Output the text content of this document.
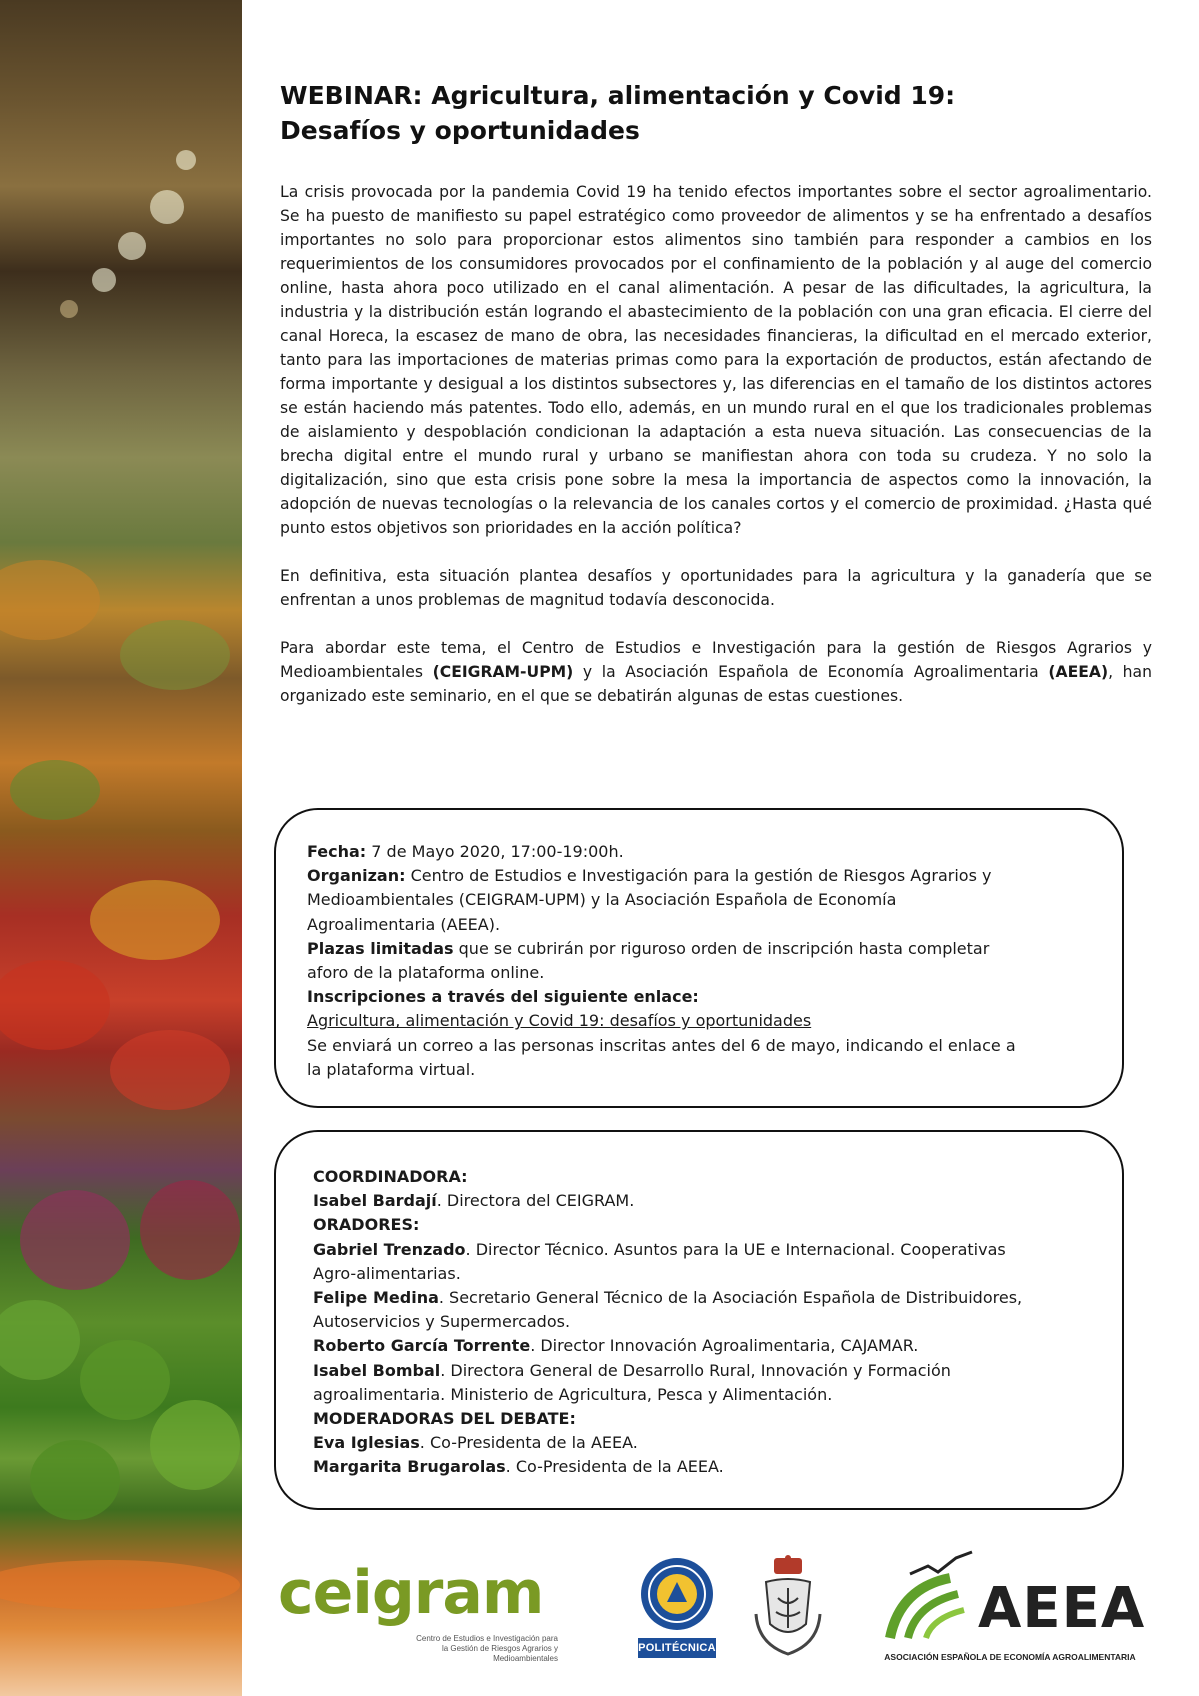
WEBINAR: Agricultura, alimentación y Covid 19:
Desafíos y oportunidades

La crisis provocada por la pandemia Covid 19 ha tenido efectos importantes sobre el sector agroalimentario. Se ha puesto de manifiesto su papel estratégico como proveedor de alimentos y se ha enfrentado a desafíos importantes no solo para proporcionar estos alimentos sino también para responder a cambios en los requerimientos de los consumidores provocados por el confinamiento de la población y al auge del comercio online, hasta ahora poco utilizado en el canal alimentación. A pesar de las dificultades, la agricultura, la industria y la distribución están logrando el abastecimiento de la población con una gran eficacia. El cierre del canal Horeca, la escasez de mano de obra, las necesidades financieras, la dificultad en el mercado exterior, tanto para las importaciones de materias primas como para la exportación de productos, están afectando de forma importante y desigual a los distintos subsectores y, las diferencias en el tamaño de los distintos actores se están haciendo más patentes. Todo ello, además, en un mundo rural en el que los tradicionales problemas de aislamiento y despoblación condicionan la adaptación a esta nueva situación. Las consecuencias de la brecha digital entre el mundo rural y urbano se manifiestan ahora con toda su crudeza. Y no solo la digitalización, sino que esta crisis pone sobre la mesa la importancia de aspectos como la innovación, la adopción de nuevas tecnologías o la relevancia de los canales cortos y el comercio de proximidad. ¿Hasta qué punto estos objetivos son prioridades en la acción política?

En definitiva, esta situación plantea desafíos y oportunidades para la agricultura y la ganadería que se enfrentan a unos problemas de magnitud todavía desconocida.

Para abordar este tema, el Centro de Estudios e Investigación para la gestión de Riesgos Agrarios y Medioambientales (CEIGRAM-UPM) y la Asociación Española de Economía Agroalimentaria (AEEA), han organizado este seminario, en el que se debatirán algunas de estas cuestiones.

Fecha: 7 de Mayo 2020, 17:00-19:00h.
Organizan: Centro de Estudios e Investigación para la gestión de Riesgos Agrarios y
Medioambientales (CEIGRAM-UPM) y la Asociación Española de Economía
Agroalimentaria (AEEA).
Plazas limitadas que se cubrirán por riguroso orden de inscripción hasta completar
aforo de la plataforma online.
Inscripciones a través del siguiente enlace:
Agricultura, alimentación y Covid 19: desafíos y oportunidades
Se enviará un correo a las personas inscritas antes del 6 de mayo, indicando el enlace a
la plataforma virtual.
COORDINADORA:
Isabel Bardají. Directora del CEIGRAM.
ORADORES:
Gabriel Trenzado. Director Técnico. Asuntos para la UE e Internacional. Cooperativas
Agro-alimentarias.
Felipe Medina. Secretario General Técnico de la Asociación Española de Distribuidores,
Autoservicios y Supermercados.
Roberto García Torrente. Director Innovación Agroalimentaria, CAJAMAR.
Isabel Bombal. Directora General de Desarrollo Rural, Innovación y Formación
agroalimentaria. Ministerio de Agricultura, Pesca y Alimentación.
MODERADORAS DEL DEBATE:
Eva Iglesias. Co-Presidenta de la AEEA.
Margarita Brugarolas. Co-Presidenta de la AEEA.
ceigram
Centro de Estudios e Investigación para
la Gestión de Riesgos Agrarios y Medioambientales
POLITÉCNICA
AEEA
ASOCIACIÓN ESPAÑOLA DE ECONOMÍA AGROALIMENTARIA
